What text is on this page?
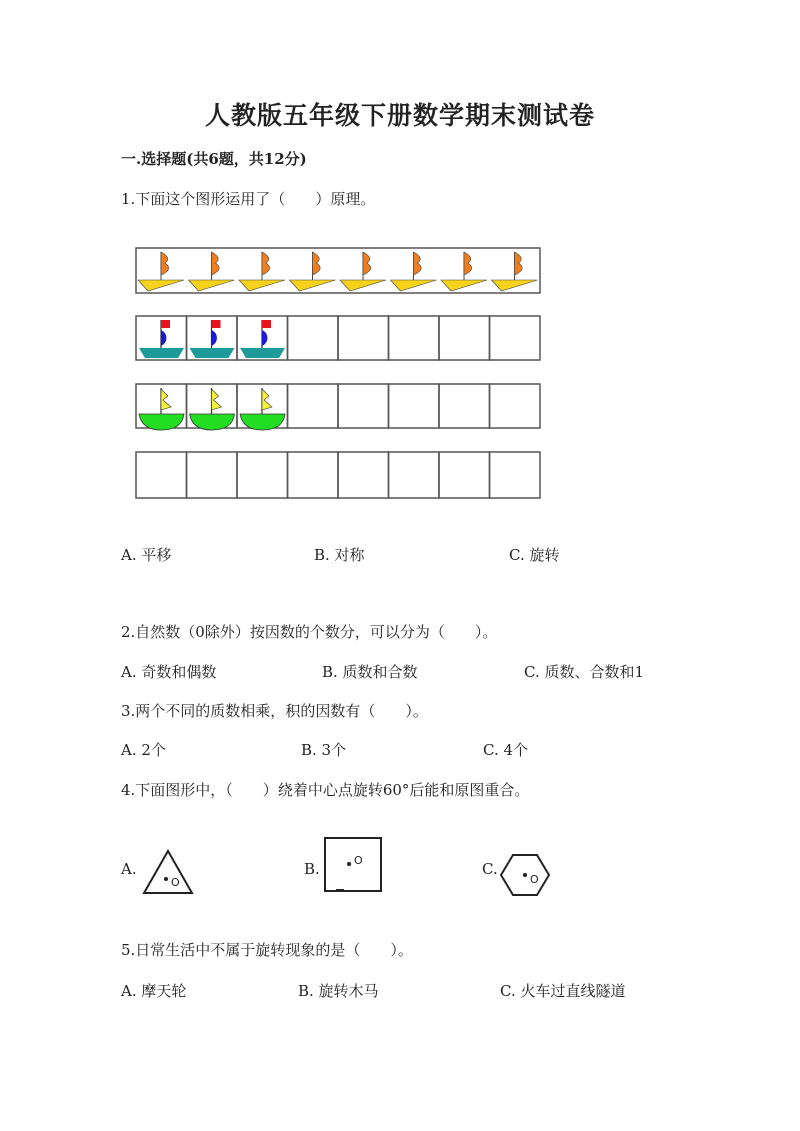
人教版五年级下册数学期末测试卷
一.选择题(共6题，共12分)
1.下面这个图形运用了（　　）原理。
A. 平移	B. 对称	C. 旋转
2.自然数（0除外）按因数的个数分，可以分为（　　）。
A. 奇数和偶数	B. 质数和合数	C. 质数、合数和1
3.两个不同的质数相乘，积的因数有（　　）。
A. 2个	B. 3个	C. 4个
4.下面图形中，（　　）绕着中心点旋转60°后能和原图重合。
A.	B.	C.
O
O
O
5.日常生活中不属于旋转现象的是（　　）。
A. 摩天轮	B. 旋转木马	C. 火车过直线隧道
